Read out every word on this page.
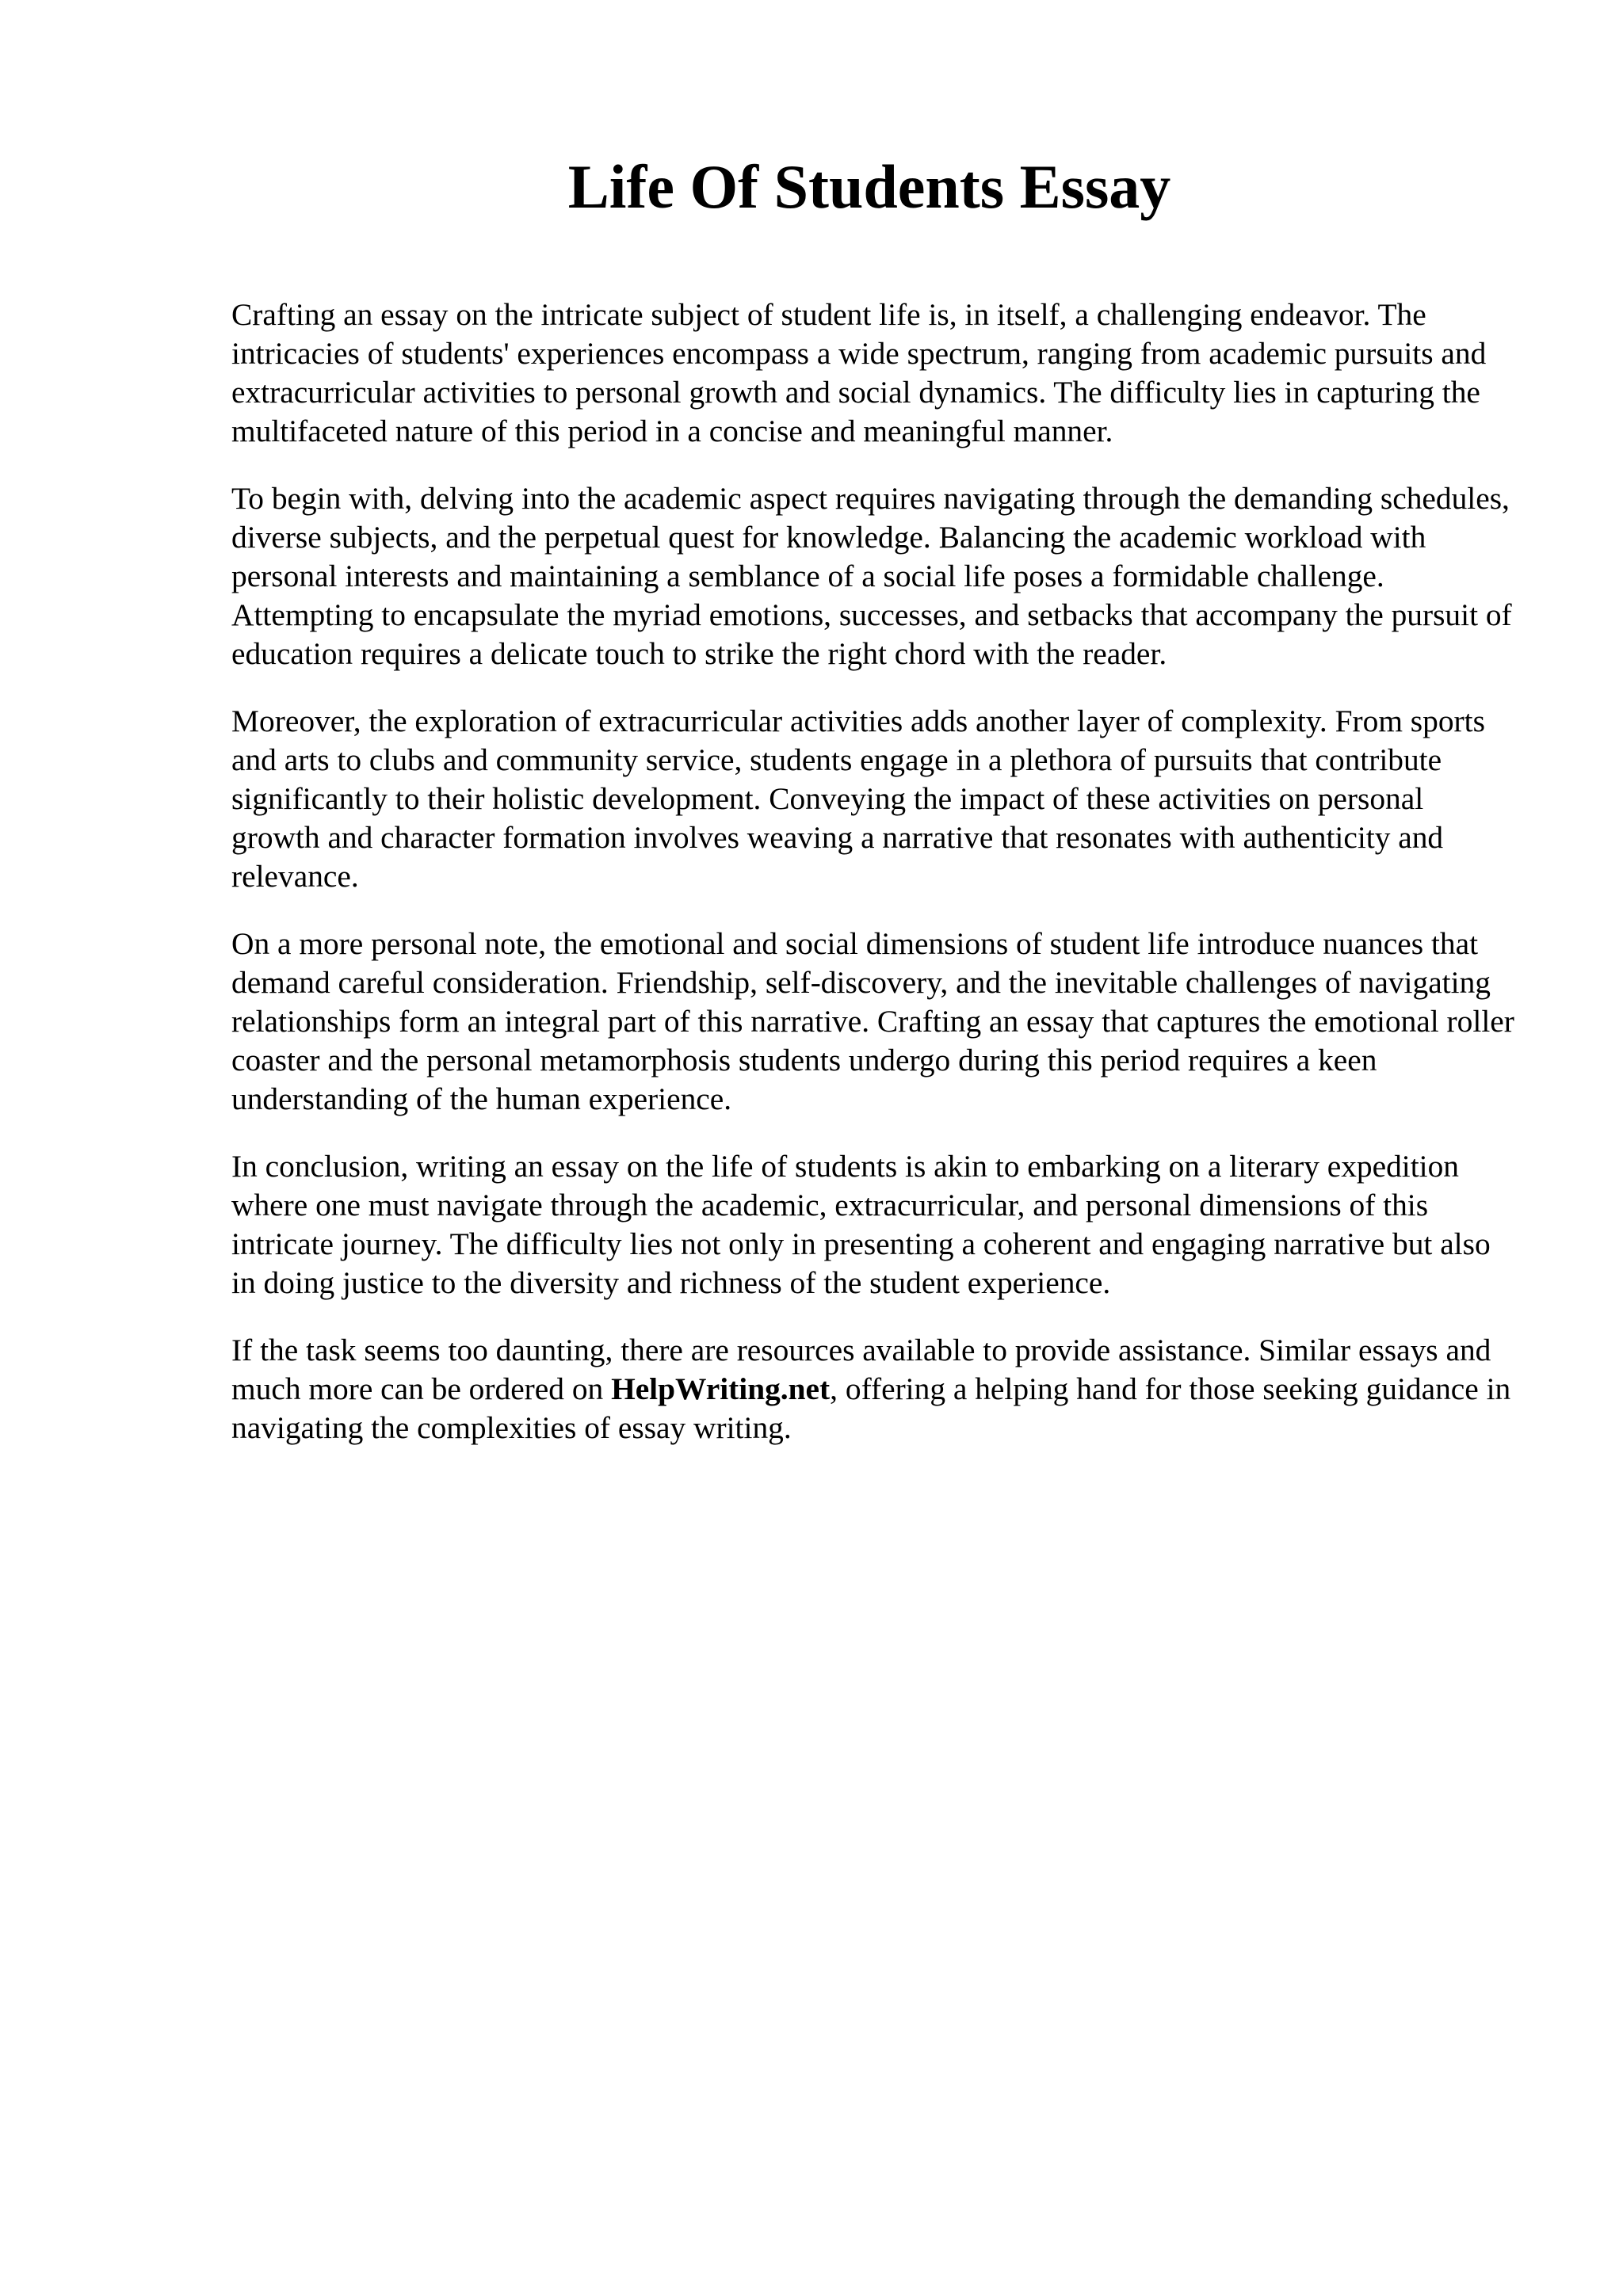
Life Of Students Essay

Crafting an essay on the intricate subject of student life is, in itself, a challenging endeavor. The intricacies of students' experiences encompass a wide spectrum, ranging from academic pursuits and extracurricular activities to personal growth and social dynamics. The difficulty lies in capturing the multifaceted nature of this period in a concise and meaningful manner.

To begin with, delving into the academic aspect requires navigating through the demanding schedules, diverse subjects, and the perpetual quest for knowledge. Balancing the academic workload with personal interests and maintaining a semblance of a social life poses a formidable challenge. Attempting to encapsulate the myriad emotions, successes, and setbacks that accompany the pursuit of education requires a delicate touch to strike the right chord with the reader.

Moreover, the exploration of extracurricular activities adds another layer of complexity. From sports and arts to clubs and community service, students engage in a plethora of pursuits that contribute significantly to their holistic development. Conveying the impact of these activities on personal growth and character formation involves weaving a narrative that resonates with authenticity and relevance.

On a more personal note, the emotional and social dimensions of student life introduce nuances that demand careful consideration. Friendship, self-discovery, and the inevitable challenges of navigating relationships form an integral part of this narrative. Crafting an essay that captures the emotional roller coaster and the personal metamorphosis students undergo during this period requires a keen understanding of the human experience.

In conclusion, writing an essay on the life of students is akin to embarking on a literary expedition where one must navigate through the academic, extracurricular, and personal dimensions of this intricate journey. The difficulty lies not only in presenting a coherent and engaging narrative but also in doing justice to the diversity and richness of the student experience.

If the task seems too daunting, there are resources available to provide assistance. Similar essays and much more can be ordered on HelpWriting.net, offering a helping hand for those seeking guidance in navigating the complexities of essay writing.
